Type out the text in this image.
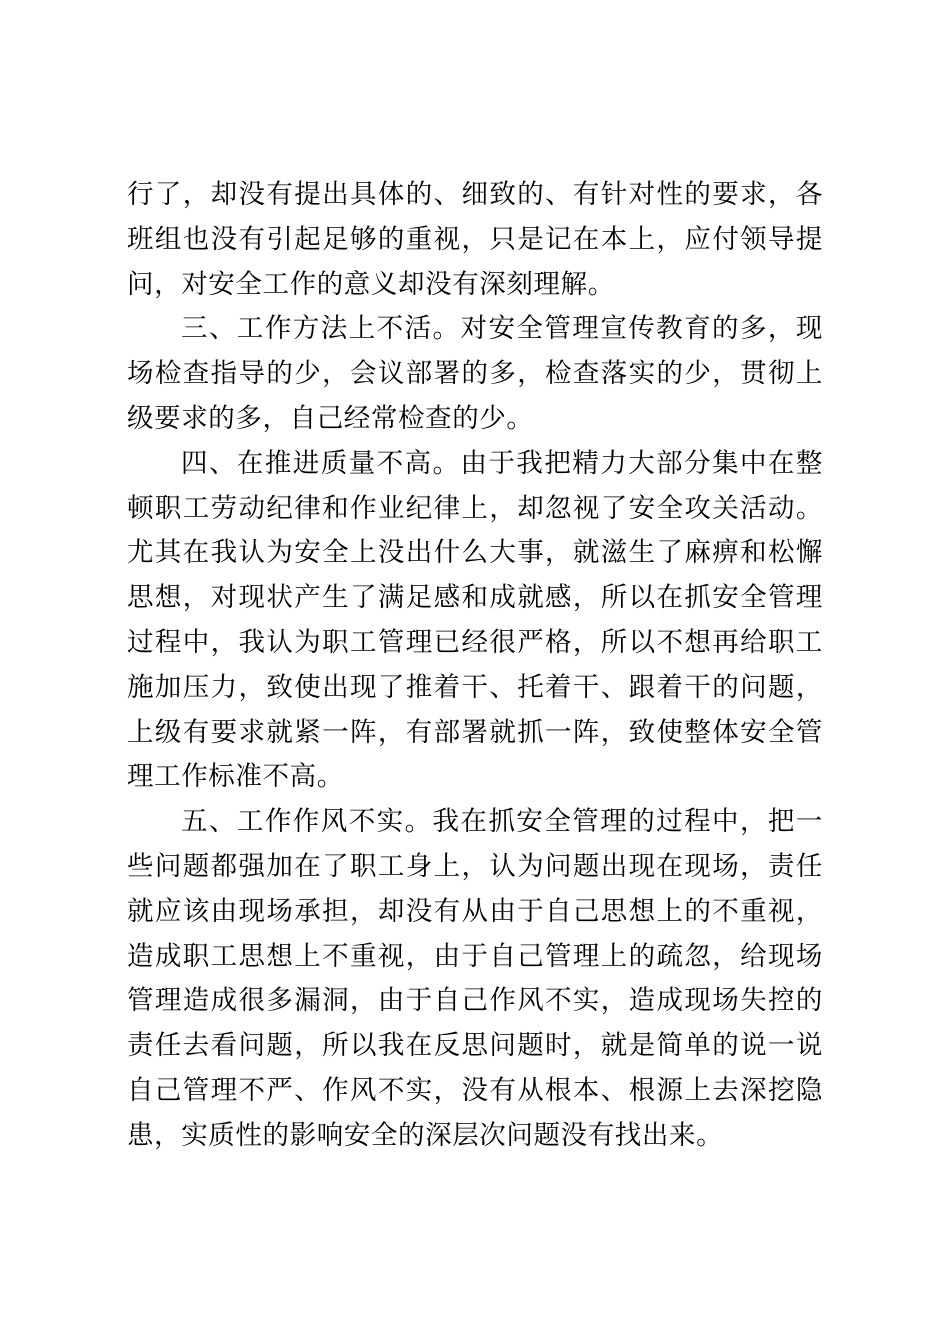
行了，却没有提出具体的、细致的、有针对性的要求，各班组也没有引起足够的重视，只是记在本上，应付领导提问，对安全工作的意义却没有深刻理解。

三、工作方法上不活。对安全管理宣传教育的多，现场检查指导的少，会议部署的多，检查落实的少，贯彻上级要求的多，自己经常检查的少。

四、在推进质量不高。由于我把精力大部分集中在整顿职工劳动纪律和作业纪律上，却忽视了安全攻关活动。尤其在我认为安全上没出什么大事，就滋生了麻痹和松懈思想，对现状产生了满足感和成就感，所以在抓安全管理过程中，我认为职工管理已经很严格，所以不想再给职工施加压力，致使出现了推着干、托着干、跟着干的问题，上级有要求就紧一阵，有部署就抓一阵，致使整体安全管理工作标准不高。

五、工作作风不实。我在抓安全管理的过程中，把一些问题都强加在了职工身上，认为问题出现在现场，责任就应该由现场承担，却没有从由于自己思想上的不重视，造成职工思想上不重视，由于自己管理上的疏忽，给现场管理造成很多漏洞，由于自己作风不实，造成现场失控的责任去看问题，所以我在反思问题时，就是简单的说一说自己管理不严、作风不实，没有从根本、根源上去深挖隐患，实质性的影响安全的深层次问题没有找出来。
